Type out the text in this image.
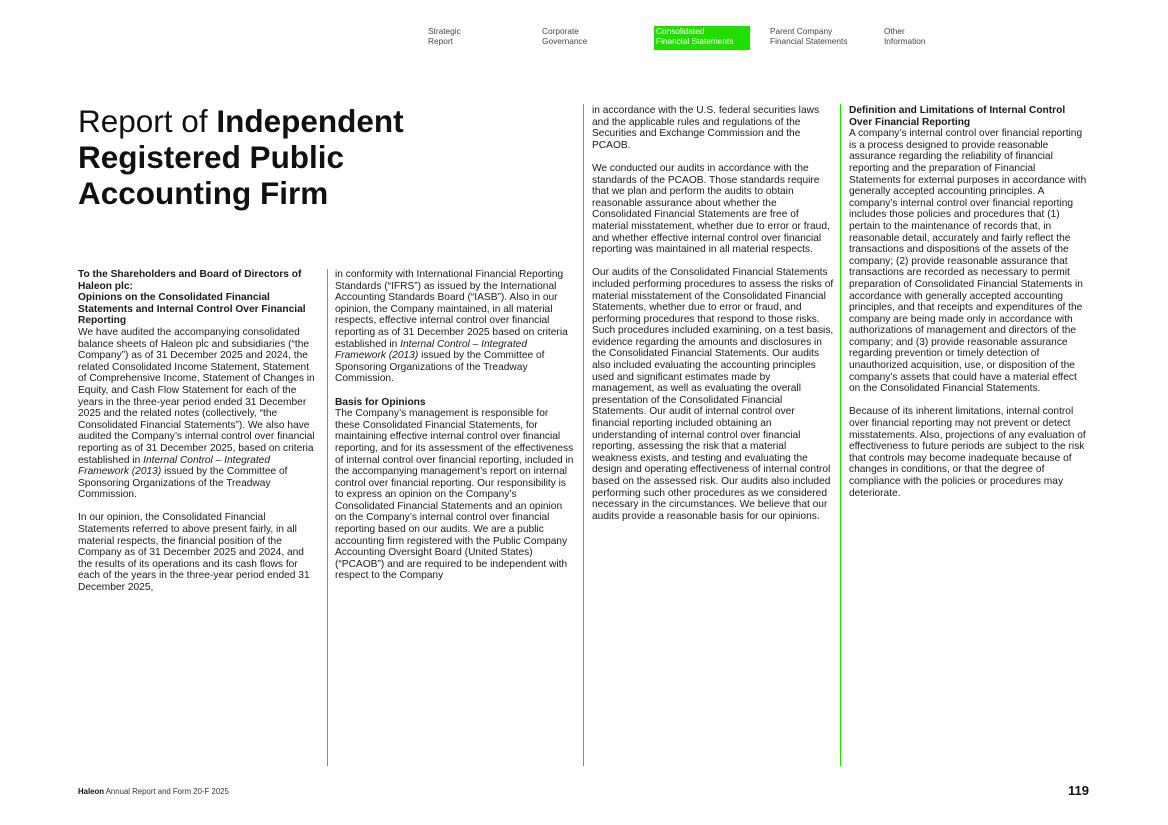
Strategic
Report
Corporate
Governance
Consolidated
Financial Statements
Parent Company
Financial Statements
Other
Information
Report of Independent Registered Public Accounting Firm

To the Shareholders and Board of Directors of Haleon plc:

Opinions on the Consolidated Financial Statements and Internal Control Over Financial Reporting

We have audited the accompanying consolidated balance sheets of Haleon plc and subsidiaries (“the Company”) as of 31 December 2025 and 2024, the related Consolidated Income Statement, Statement of Comprehensive Income, Statement of Changes in Equity, and Cash Flow Statement for each of the years in the three-year period ended 31 December 2025 and the related notes (collectively, “the Consolidated Financial Statements”). We also have audited the Company’s internal control over financial reporting as of 31 December 2025, based on criteria established in Internal Control – Integrated Framework (2013) issued by the Committee of Sponsoring Organizations of the Treadway Commission.

In our opinion, the Consolidated Financial Statements referred to above present fairly, in all material respects, the financial position of the Company as of 31 December 2025 and 2024, and the results of its operations and its cash flows for each of the years in the three-year period ended 31 December 2025,

in conformity with International Financial Reporting Standards (“IFRS”) as issued by the International Accounting Standards Board (“IASB”). Also in our opinion, the Company maintained, in all material respects, effective internal control over financial reporting as of 31 December 2025 based on criteria established in Internal Control – Integrated Framework (2013) issued by the Committee of Sponsoring Organizations of the Treadway Commission.

Basis for Opinions

The Company’s management is responsible for these Consolidated Financial Statements, for maintaining effective internal control over financial reporting, and for its assessment of the effectiveness of internal control over financial reporting, included in the accompanying management’s report on internal control over financial reporting. Our responsibility is to express an opinion on the Company’s Consolidated Financial Statements and an opinion on the Company’s internal control over financial reporting based on our audits. We are a public accounting firm registered with the Public Company Accounting Oversight Board (United States) (“PCAOB”) and are required to be independent with respect to the Company

in accordance with the U.S. federal securities laws and the applicable rules and regulations of the Securities and Exchange Commission and the PCAOB.

We conducted our audits in accordance with the standards of the PCAOB. Those standards require that we plan and perform the audits to obtain reasonable assurance about whether the Consolidated Financial Statements are free of material misstatement, whether due to error or fraud, and whether effective internal control over financial reporting was maintained in all material respects.

Our audits of the Consolidated Financial Statements included performing procedures to assess the risks of material misstatement of the Consolidated Financial Statements, whether due to error or fraud, and performing procedures that respond to those risks. Such procedures included examining, on a test basis, evidence regarding the amounts and disclosures in the Consolidated Financial Statements. Our audits also included evaluating the accounting principles used and significant estimates made by management, as well as evaluating the overall presentation of the Consolidated Financial Statements. Our audit of internal control over financial reporting included obtaining an understanding of internal control over financial reporting, assessing the risk that a material weakness exists, and testing and evaluating the design and operating effectiveness of internal control based on the assessed risk. Our audits also included performing such other procedures as we considered necessary in the circumstances. We believe that our audits provide a reasonable basis for our opinions.

Definition and Limitations of Internal Control Over Financial Reporting

A company’s internal control over financial reporting is a process designed to provide reasonable assurance regarding the reliability of financial reporting and the preparation of Financial Statements for external purposes in accordance with generally accepted accounting principles. A company’s internal control over financial reporting includes those policies and procedures that (1) pertain to the maintenance of records that, in reasonable detail, accurately and fairly reflect the transactions and dispositions of the assets of the company; (2) provide reasonable assurance that transactions are recorded as necessary to permit preparation of Consolidated Financial Statements in accordance with generally accepted accounting principles, and that receipts and expenditures of the company are being made only in accordance with authorizations of management and directors of the company; and (3) provide reasonable assurance regarding prevention or timely detection of unauthorized acquisition, use, or disposition of the company’s assets that could have a material effect on the Consolidated Financial Statements.

Because of its inherent limitations, internal control over financial reporting may not prevent or detect misstatements. Also, projections of any evaluation of effectiveness to future periods are subject to the risk that controls may become inadequate because of changes in conditions, or that the degree of compliance with the policies or procedures may deteriorate.

Haleon Annual Report and Form 20-F 2025	119
